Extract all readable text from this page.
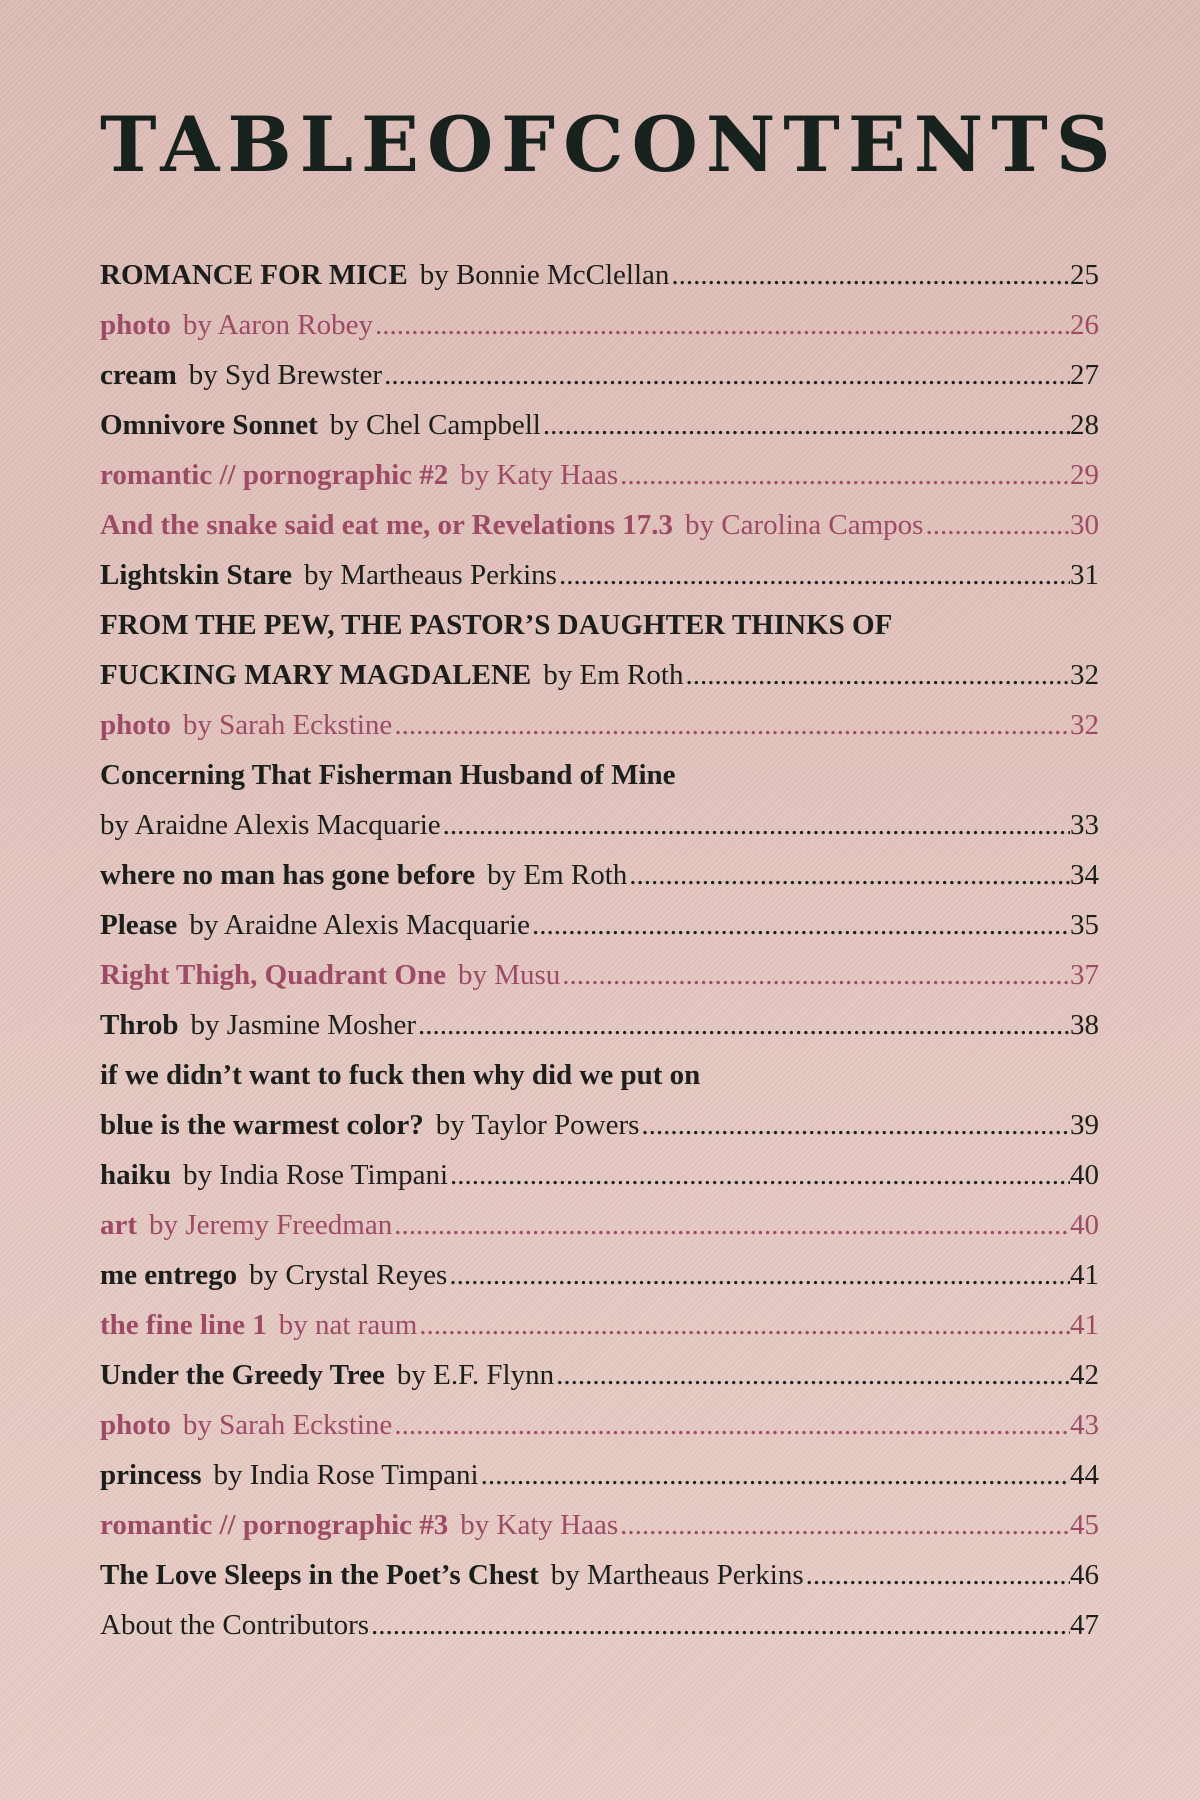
TABLE OF CONTENTS
ROMANCE FOR MICE by Bonnie McClellan .....	25
photo by Aaron Robey .....	26
cream by Syd Brewster .....	27
Omnivore Sonnet by Chel Campbell .....	28
romantic // pornographic #2 by Katy Haas .....	29
And the snake said eat me, or Revelations 17.3 by Carolina Campos .....	30
Lightskin Stare by Martheaus Perkins .....	31
FROM THE PEW, THE PASTOR’S DAUGHTER THINKS OF
FUCKING MARY MAGDALENE by Em Roth .....	32
photo by Sarah Eckstine .....	32
Concerning That Fisherman Husband of Mine
by Araidne Alexis Macquarie .....	33
where no man has gone before by Em Roth .....	34
Please by Araidne Alexis Macquarie .....	35
Right Thigh, Quadrant One by Musu .....	37
Throb by Jasmine Mosher .....	38
if we didn’t want to fuck then why did we put on
blue is the warmest color? by Taylor Powers .....	39
haiku by India Rose Timpani .....	40
art by Jeremy Freedman .....	40
me entrego by Crystal Reyes .....	41
the fine line 1 by nat raum .....	41
Under the Greedy Tree by E.F. Flynn .....	42
photo by Sarah Eckstine .....	43
princess by India Rose Timpani .....	44
romantic // pornographic #3 by Katy Haas .....	45
The Love Sleeps in the Poet’s Chest by Martheaus Perkins .....	46
About the Contributors .....	47
